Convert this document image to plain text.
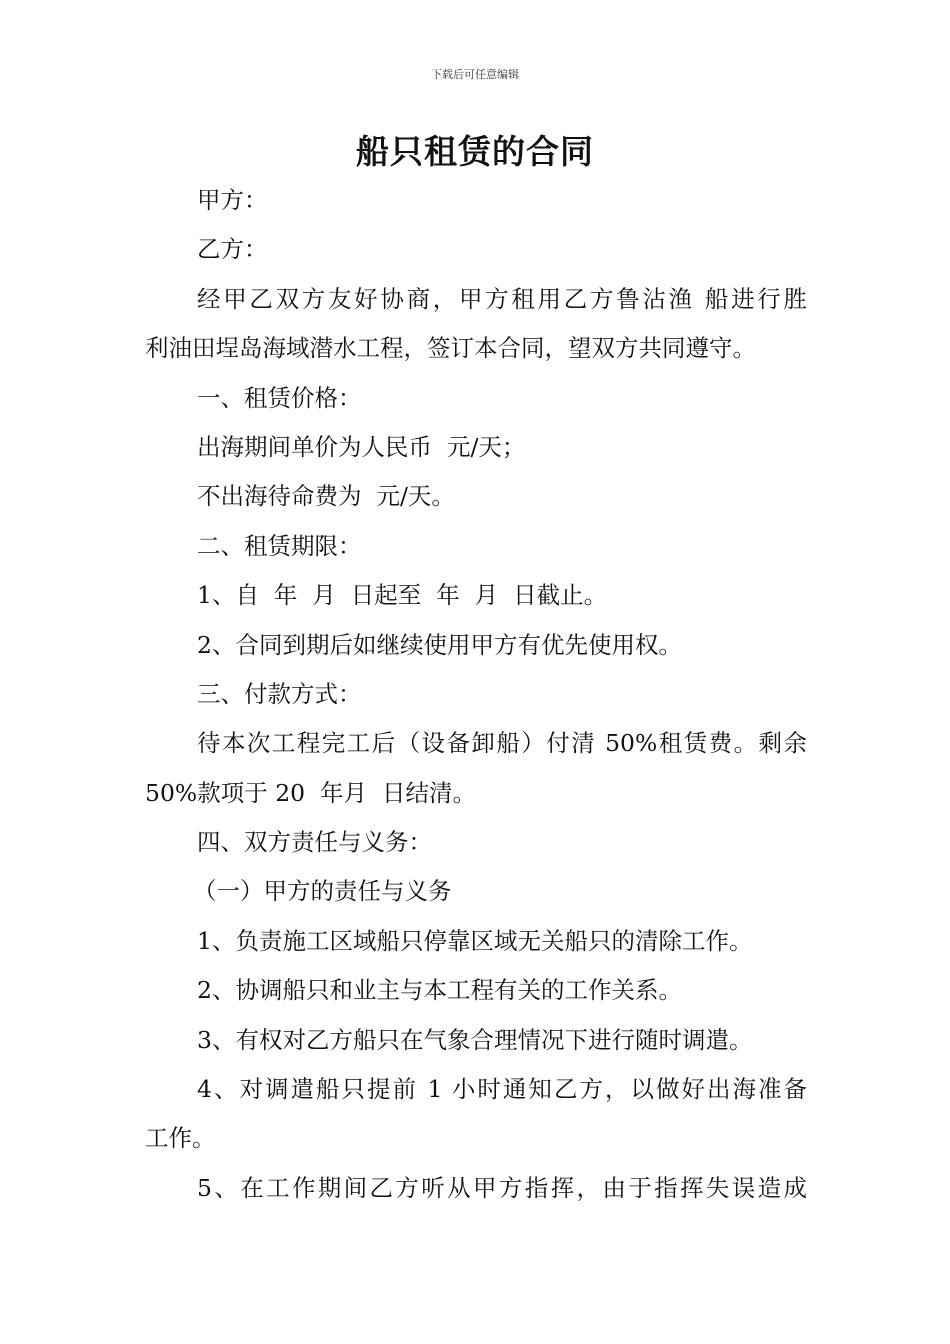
下载后可任意编辑
船只租赁的合同
甲方：
乙方：
经甲乙双方友好协商，甲方租用乙方鲁沾渔 船进行胜
利油田埕岛海域潜水工程，签订本合同，望双方共同遵守。
一、租赁价格：
出海期间单价为人民币  元/天；
不出海待命费为  元/天。
二、租赁期限：
1、自  年  月  日起至  年  月  日截止。
2、合同到期后如继续使用甲方有优先使用权。
三、付款方式：
待本次工程完工后（设备卸船）付清 50%租赁费。剩余
50%款项于 20  年月  日结清。
四、双方责任与义务：
（一）甲方的责任与义务
1、负责施工区域船只停靠区域无关船只的清除工作。
2、协调船只和业主与本工程有关的工作关系。
3、有权对乙方船只在气象合理情况下进行随时调遣。
4、对调遣船只提前 1 小时通知乙方，以做好出海准备
工作。
5、在工作期间乙方听从甲方指挥，由于指挥失误造成
